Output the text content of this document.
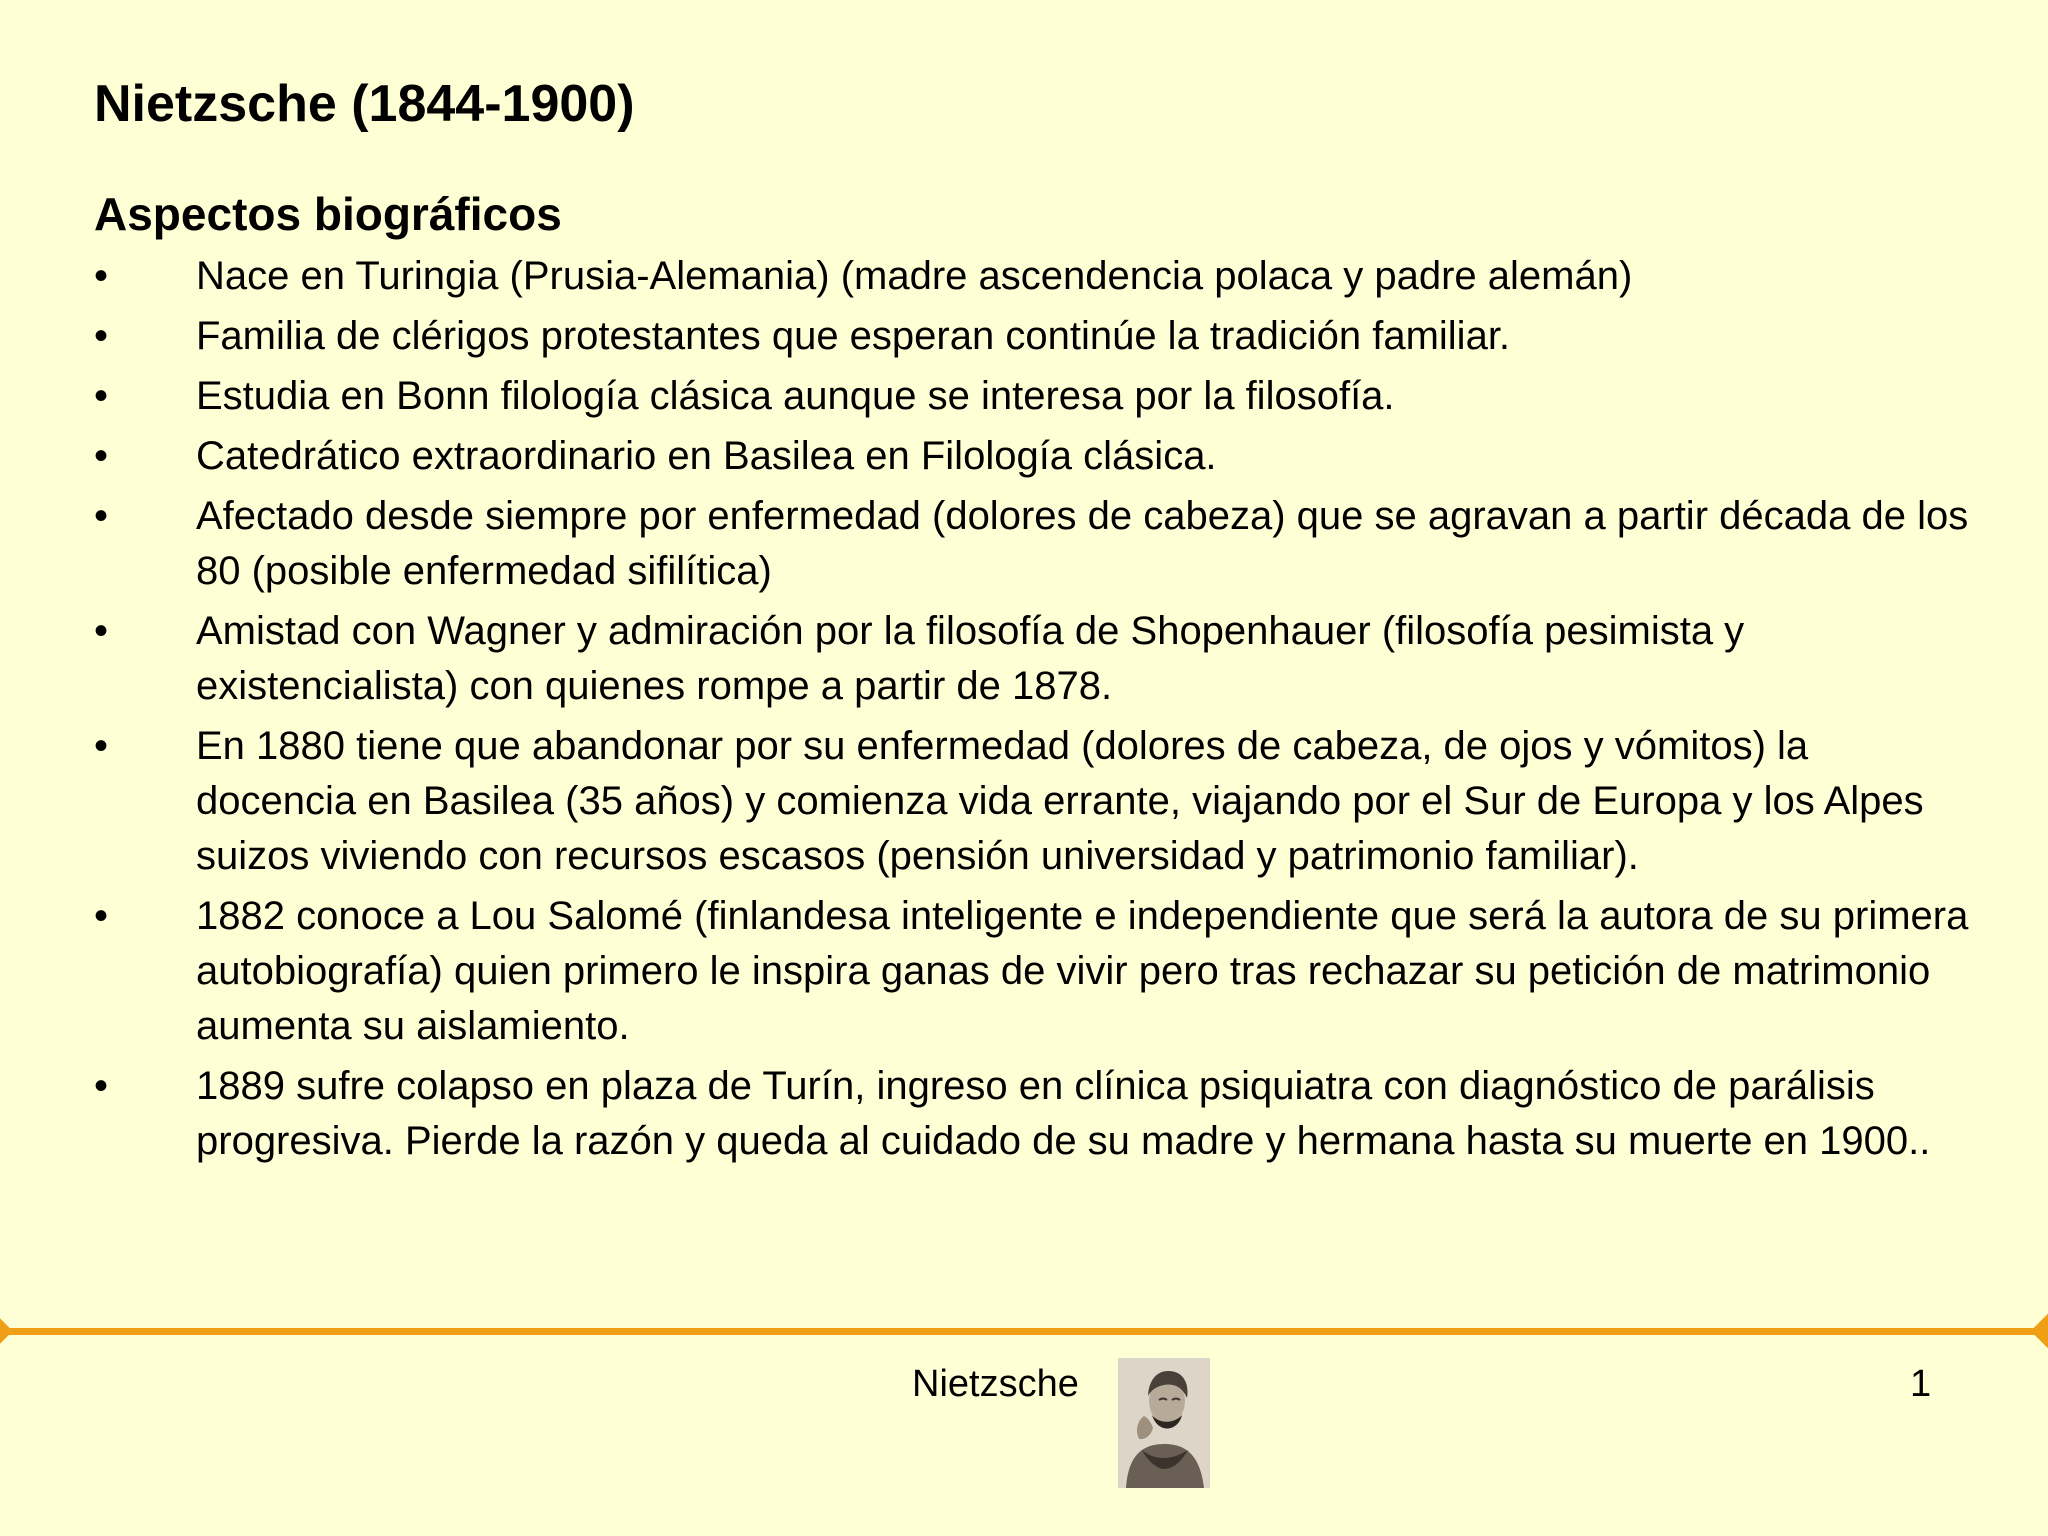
Nietzsche (1844-1900)
Aspectos biográficos
•	Nace en Turingia (Prusia-Alemania) (madre ascendencia polaca y padre alemán)
•	Familia de clérigos protestantes que esperan continúe la tradición familiar.
•	Estudia en Bonn filología clásica aunque se interesa por la filosofía.
•	Catedrático extraordinario en Basilea en Filología clásica.
•	Afectado desde siempre por enfermedad (dolores de cabeza) que se agravan a partir década de los 80 (posible enfermedad sifilítica)
•	Amistad con Wagner y admiración por la filosofía de Shopenhauer (filosofía pesimista y existencialista) con quienes rompe a partir de 1878.
•	En 1880 tiene que abandonar por su enfermedad (dolores de cabeza, de ojos y vómitos) la docencia en Basilea (35 años) y comienza vida errante, viajando por el Sur de Europa y los Alpes suizos viviendo con recursos escasos (pensión universidad y patrimonio familiar).
•	1882 conoce a Lou Salomé (finlandesa inteligente e independiente que será la autora de su primera autobiografía) quien primero le inspira ganas de vivir pero tras rechazar su petición de matrimonio aumenta su aislamiento.
•	1889 sufre colapso en plaza de Turín, ingreso en clínica psiquiatra con diagnóstico de parálisis progresiva. Pierde la razón y queda al cuidado de su madre y hermana hasta su muerte en 1900..
Nietzsche	1
